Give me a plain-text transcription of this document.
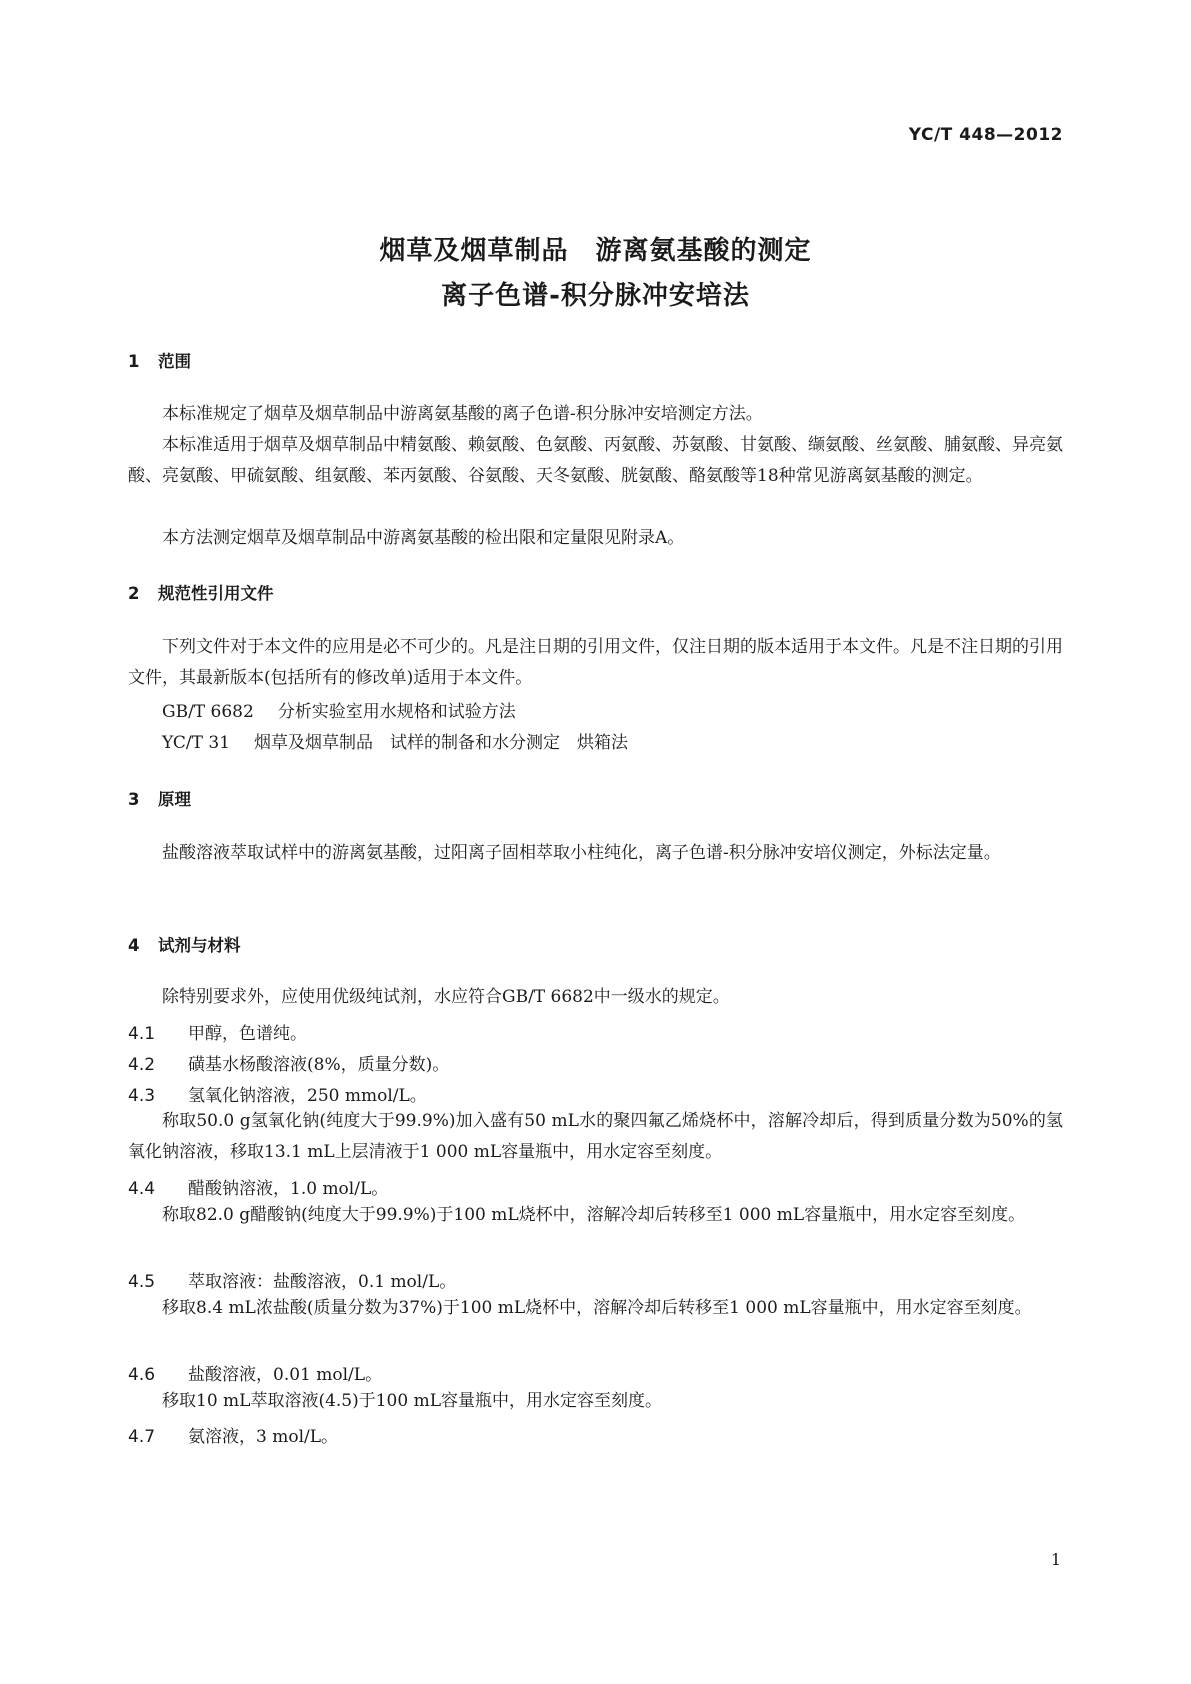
YC/T 448—2012
烟草及烟草制品　游离氨基酸的测定
离子色谱-积分脉冲安培法
1 范围

本标准规定了烟草及烟草制品中游离氨基酸的离子色谱-积分脉冲安培测定方法。

本标准适用于烟草及烟草制品中精氨酸、赖氨酸、色氨酸、丙氨酸、苏氨酸、甘氨酸、缬氨酸、丝氨酸、脯氨酸、异亮氨酸、亮氨酸、甲硫氨酸、组氨酸、苯丙氨酸、谷氨酸、天冬氨酸、胱氨酸、酪氨酸等18种常见游离氨基酸的测定。

本方法测定烟草及烟草制品中游离氨基酸的检出限和定量限见附录A。

2 规范性引用文件

下列文件对于本文件的应用是必不可少的。凡是注日期的引用文件，仅注日期的版本适用于本文件。凡是不注日期的引用文件，其最新版本(包括所有的修改单)适用于本文件。

GB/T 6682 分析实验室用水规格和试验方法
YC/T 31 烟草及烟草制品　试样的制备和水分测定　烘箱法
3 原理

盐酸溶液萃取试样中的游离氨基酸，过阳离子固相萃取小柱纯化，离子色谱-积分脉冲安培仪测定，外标法定量。

4 试剂与材料

除特别要求外，应使用优级纯试剂，水应符合GB/T 6682中一级水的规定。

4.1 甲醇，色谱纯。
4.2 磺基水杨酸溶液(8%，质量分数)。
4.3 氢氧化钠溶液，250 mmol/L。

称取50.0 g氢氧化钠(纯度大于99.9%)加入盛有50 mL水的聚四氟乙烯烧杯中，溶解冷却后，得到质量分数为50%的氢氧化钠溶液，移取13.1 mL上层清液于1 000 mL容量瓶中，用水定容至刻度。

4.4 醋酸钠溶液，1.0 mol/L。

称取82.0 g醋酸钠(纯度大于99.9%)于100 mL烧杯中，溶解冷却后转移至1 000 mL容量瓶中，用水定容至刻度。

4.5 萃取溶液：盐酸溶液，0.1 mol/L。

移取8.4 mL浓盐酸(质量分数为37%)于100 mL烧杯中，溶解冷却后转移至1 000 mL容量瓶中，用水定容至刻度。

4.6 盐酸溶液，0.01 mol/L。

移取10 mL萃取溶液(4.5)于100 mL容量瓶中，用水定容至刻度。

4.7 氨溶液，3 mol/L。
1
